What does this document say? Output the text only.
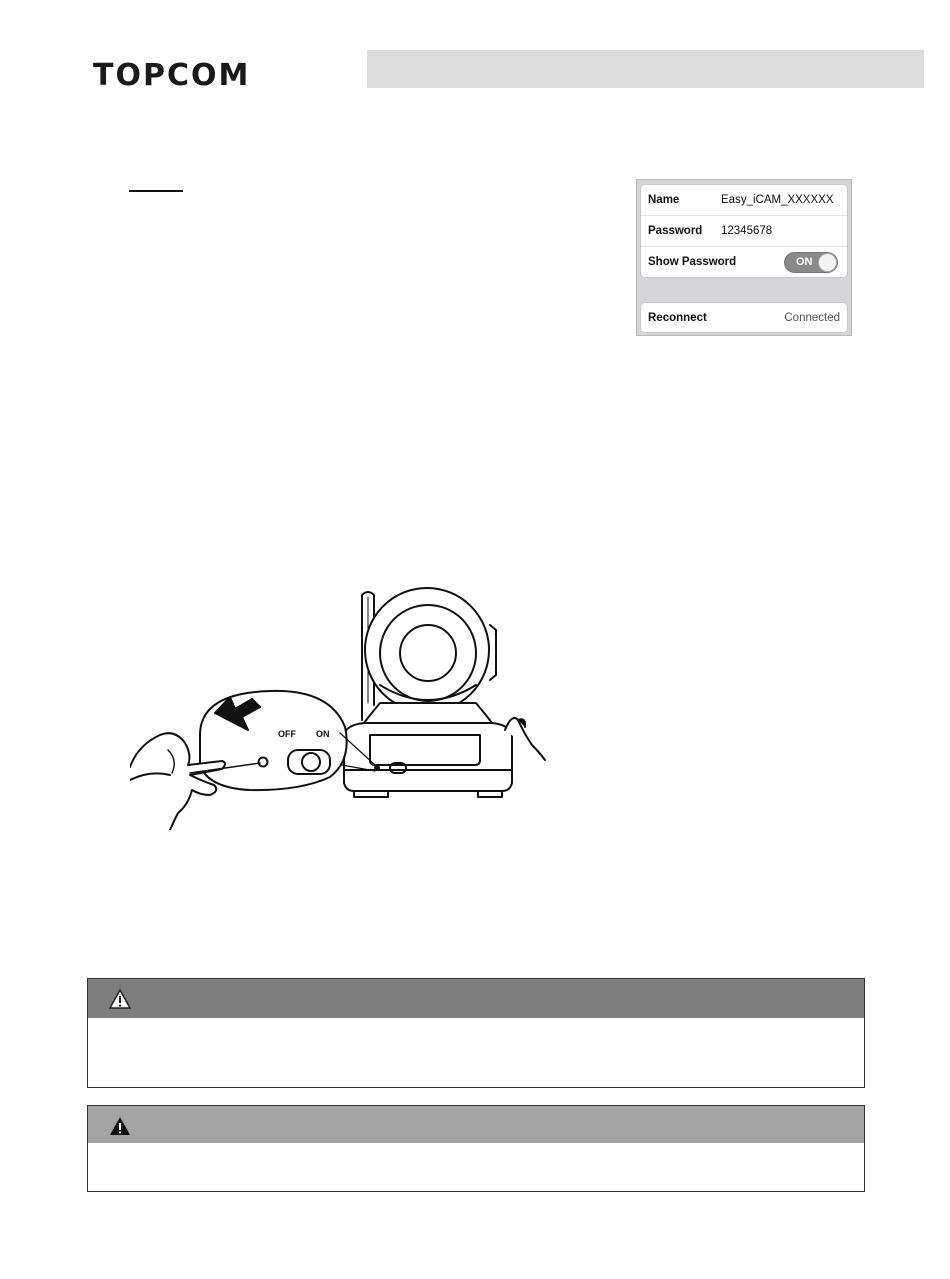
TOPCOM
Name	Easy_iCAM_XXXXXX
Password 12345678
Show Password	ON
Reconnect	Connected
OFF ON
